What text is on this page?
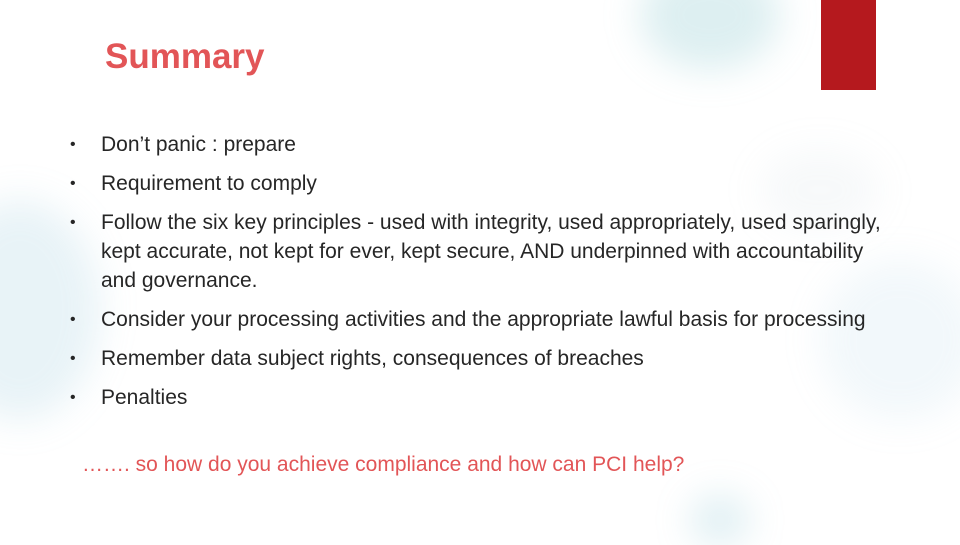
Summary
• Don’t panic : prepare
• Requirement to comply
• Follow the six key principles - used with integrity, used appropriately, used sparingly, kept accurate, not kept for ever, kept secure, AND underpinned with accountability and governance.
• Consider your processing activities and the appropriate lawful basis for processing
• Remember data subject rights, consequences of breaches
• Penalties
……. so how do you achieve compliance and how can PCI help?
